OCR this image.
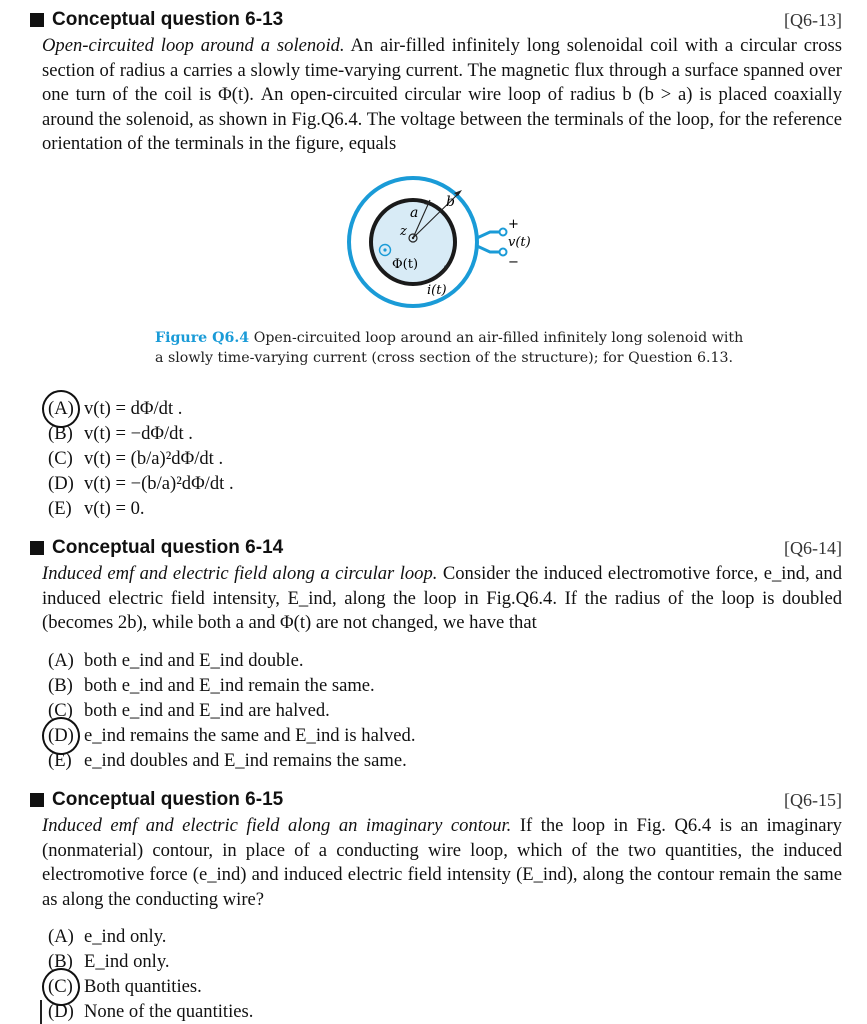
Conceptual question 6-13	[Q6-13]

Open-circuited loop around a solenoid. An air-filled infinitely long solenoidal coil with a circular cross section of radius a carries a slowly time-varying current. The magnetic flux through a surface spanned over one turn of the coil is Φ(t). An open-circuited circular wire loop of radius b (b > a) is placed coaxially around the solenoid, as shown in Fig.Q6.4. The voltage between the terminals of the loop, for the reference orientation of the terminals in the figure, equals

a
b
z
Φ(t)
i(t)
v(t)
+
−
Figure Q6.4 Open-circuited loop around an air-filled infinitely long solenoid with a slowly time-varying current (cross section of the structure); for Question 6.13.
(A) v(t) = dΦ/dt .
(B) v(t) = −dΦ/dt .
(C) v(t) = (b/a)²dΦ/dt .
(D) v(t) = −(b/a)²dΦ/dt .
(E) v(t) = 0.
Conceptual question 6-14	[Q6-14]

Induced emf and electric field along a circular loop. Consider the induced electromotive force, e_ind, and induced electric field intensity, E_ind, along the loop in Fig.Q6.4. If the radius of the loop is doubled (becomes 2b), while both a and Φ(t) are not changed, we have that

(A) both e_ind and E_ind double.
(B) both e_ind and E_ind remain the same.
(C) both e_ind and E_ind are halved.
(D) e_ind remains the same and E_ind is halved.
(E) e_ind doubles and E_ind remains the same.
Conceptual question 6-15	[Q6-15]

Induced emf and electric field along an imaginary contour. If the loop in Fig. Q6.4 is an imaginary (nonmaterial) contour, in place of a conducting wire loop, which of the two quantities, the induced electromotive force (e_ind) and induced electric field intensity (E_ind), along the contour remain the same as along the conducting wire?

(A) e_ind only.
(B) E_ind only.
(C) Both quantities.
(D) None of the quantities.
